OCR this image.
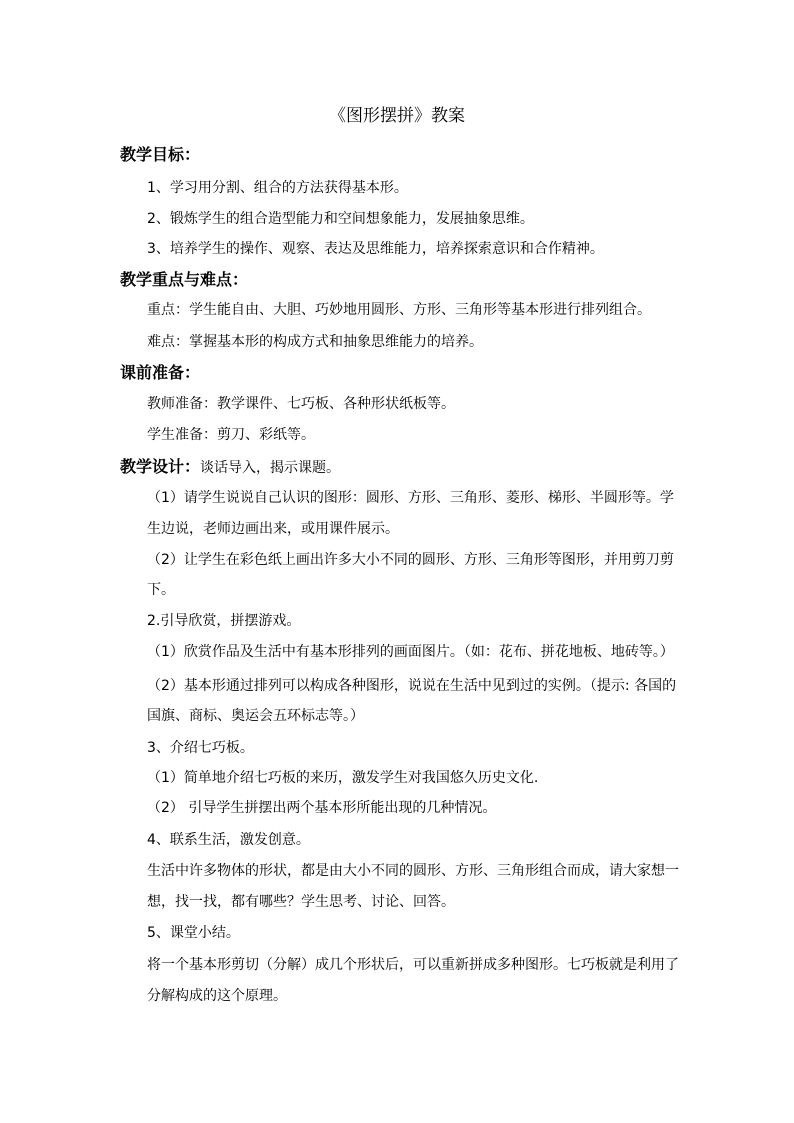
《图形摆拼》教案
教学目标：
1、学习用分割、组合的方法获得基本形。
2、锻炼学生的组合造型能力和空间想象能力，发展抽象思维。
3、培养学生的操作、观察、表达及思维能力，培养探索意识和合作精神。
教学重点与难点：
重点：学生能自由、大胆、巧妙地用圆形、方形、三角形等基本形进行排列组合。
难点：掌握基本形的构成方式和抽象思维能力的培养。
课前准备：
教师准备：教学课件、七巧板、各种形状纸板等。
学生准备：剪刀、彩纸等。
教学设计：谈话导入，揭示课题。
（1）请学生说说自己认识的图形：圆形、方形、三角形、菱形、梯形、半圆形等。学
生边说，老师边画出来，或用课件展示。
（2）让学生在彩色纸上画出许多大小不同的圆形、方形、三角形等图形，并用剪刀剪
下。
2.引导欣赏，拼摆游戏。
（1）欣赏作品及生活中有基本形排列的画面图片。（如：花布、拼花地板、地砖等。）
（2）基本形通过排列可以构成各种图形，说说在生活中见到过的实例。（提示: 各国的
国旗、商标、奥运会五环标志等。）
3、介绍七巧板。
（1）简单地介绍七巧板的来历，激发学生对我国悠久历史文化.
（2） 引导学生拼摆出两个基本形所能出现的几种情况。
4、联系生活，激发创意。
生活中许多物体的形状，都是由大小不同的圆形、方形、三角形组合而成，请大家想一
想，找一找，都有哪些？学生思考、讨论、回答。
5、课堂小结。
将一个基本形剪切（分解）成几个形状后，可以重新拼成多种图形。七巧板就是利用了
分解构成的这个原理。
